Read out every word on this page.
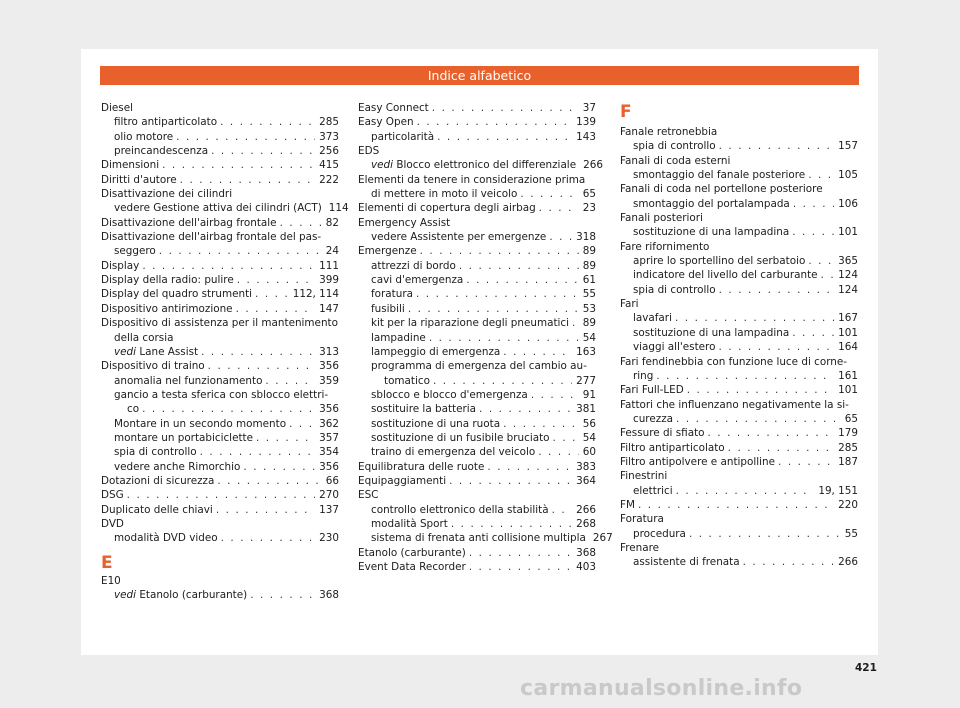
Indice alfabetico
Diesel
filtro antiparticolato . . .	285
olio motore . . .	373
preincandescenza . . .	256
Dimensioni . . .	415
Diritti d'autore . . .	222
Disattivazione dei cilindri
vedere Gestione attiva dei cilindri (ACT) 114
Disattivazione dell'airbag frontale . . .	82
Disattivazione dell'airbag frontale del pas-
seggero . . .	24
Display . . .	111
Display della radio: pulire . . .	399
Display del quadro strumenti . . .	112, 114
Dispositivo antirimozione . . .	147
Dispositivo di assistenza per il mantenimento
della corsia
vedi Lane Assist . . .	313
Dispositivo di traino . . .	356
anomalia nel funzionamento . . .	359
gancio a testa sferica con sblocco elettri-
co . . .	356
Montare in un secondo momento . . .	362
montare un portabiciclette . . .	357
spia di controllo . . .	354
vedere anche Rimorchio . . .	356
Dotazioni di sicurezza . . .	66
DSG . . .	270
Duplicato delle chiavi . . .	137
DVD
modalità DVD video . . .	230
E
E10
vedi Etanolo (carburante) . . .	368
Easy Connect . . .	37
Easy Open . . .	139
particolarità . . .	143
EDS
vedi Blocco elettronico del differenziale 266
Elementi da tenere in considerazione prima
di mettere in moto il veicolo . . .	65
Elementi di copertura degli airbag . . .	23
Emergency Assist
vedere Assistente per emergenze . . .	318
Emergenze . . .	89
attrezzi di bordo . . .	89
cavi d'emergenza . . .	61
foratura . . .	55
fusibili . . .	53
kit per la riparazione degli pneumatici . . . 89
lampadine . . .	54
lampeggio di emergenza . . .	163
programma di emergenza del cambio au-
tomatico . . .	277
sblocco e blocco d'emergenza . . .	91
sostituire la batteria . . .	381
sostituzione di una ruota . . .	56
sostituzione di un fusibile bruciato . . .	54
traino di emergenza del veicolo . . .	60
Equilibratura delle ruote . . .	383
Equipaggiamenti . . .	364
ESC
controllo elettronico della stabilità . . .	266
modalità Sport . . .	268
sistema di frenata anti collisione multipla 267
Etanolo (carburante) . . .	368
Event Data Recorder . . .	403
F
Fanale retronebbia
spia di controllo . . .	157
Fanali di coda esterni
smontaggio del fanale posteriore . . .	105
Fanali di coda nel portellone posteriore
smontaggio del portalampada . . .	106
Fanali posteriori
sostituzione di una lampadina . . .	101
Fare rifornimento
aprire lo sportellino del serbatoio . . .	365
indicatore del livello del carburante . . . 124
spia di controllo . . .	124
Fari
lavafari . . .	167
sostituzione di una lampadina . . .	101
viaggi all'estero . . .	164
Fari fendinebbia con funzione luce di corne-
ring . . .	161
Fari Full-LED . . .	101
Fattori che influenzano negativamente la si-
curezza . . .	65
Fessure di sfiato . . .	179
Filtro antiparticolato . . .	285
Filtro antipolvere e antipolline . . .	187
Finestrini
elettrici . . .	19, 151
FM . . .	220
Foratura
procedura . . .	55
Frenare
assistente di frenata . . .	266
421
carmanualsonline.info
